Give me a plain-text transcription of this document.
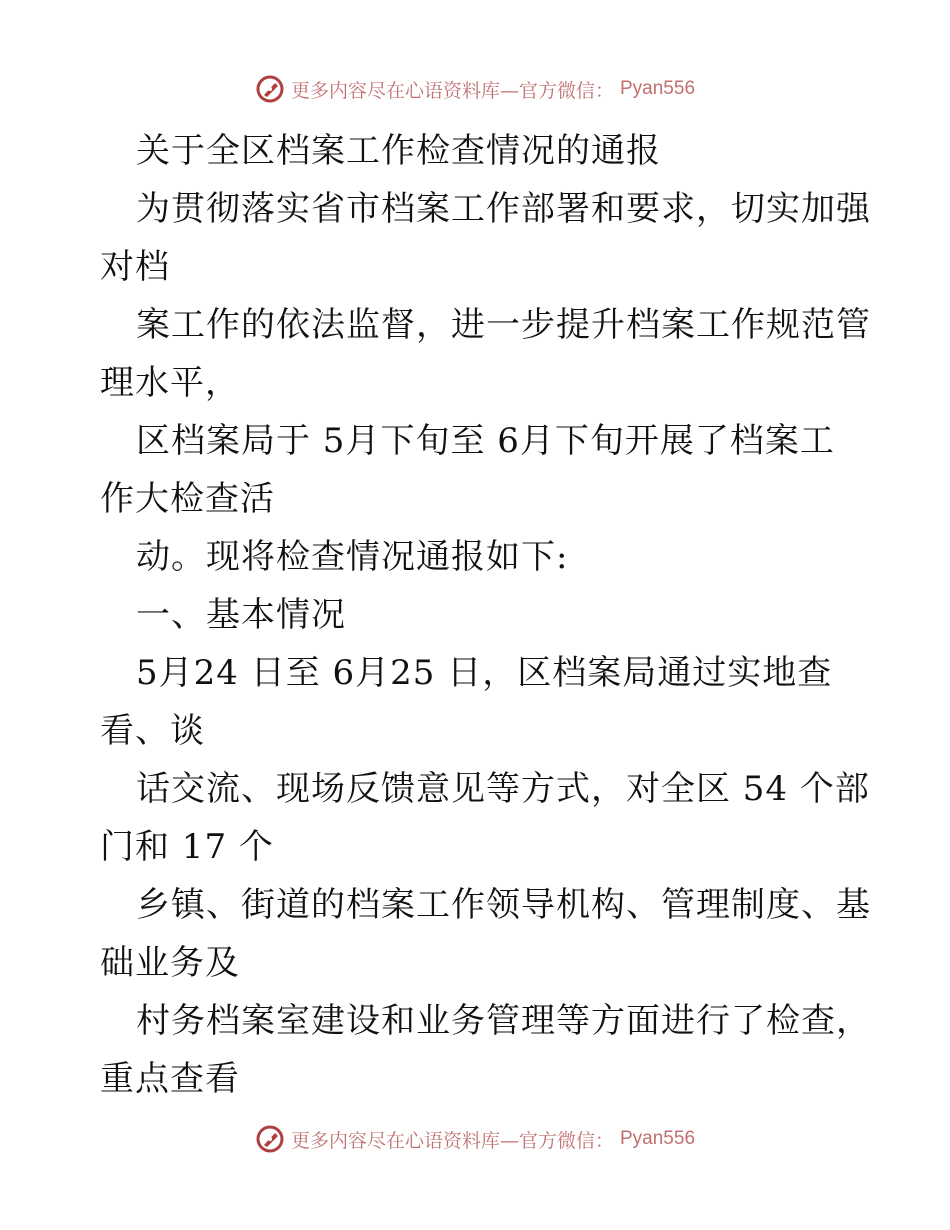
更多内容尽在心语资料库—官方微信： Pyan556
关于全区档案工作检查情况的通报
为贯彻落实省市档案工作部署和要求，切实加强
对档
案工作的依法监督，进一步提升档案工作规范管
理水平，
区档案局于 5月下旬至 6月下旬开展了档案工
作大检查活
动。现将检查情况通报如下:
一、基本情况
5月24 日至 6月25 日，区档案局通过实地查
看、谈
话交流、现场反馈意见等方式，对全区 54 个部
门和 17 个
乡镇、街道的档案工作领导机构、管理制度、基
础业务及
村务档案室建设和业务管理等方面进行了检查，
重点查看
更多内容尽在心语资料库—官方微信： Pyan556
